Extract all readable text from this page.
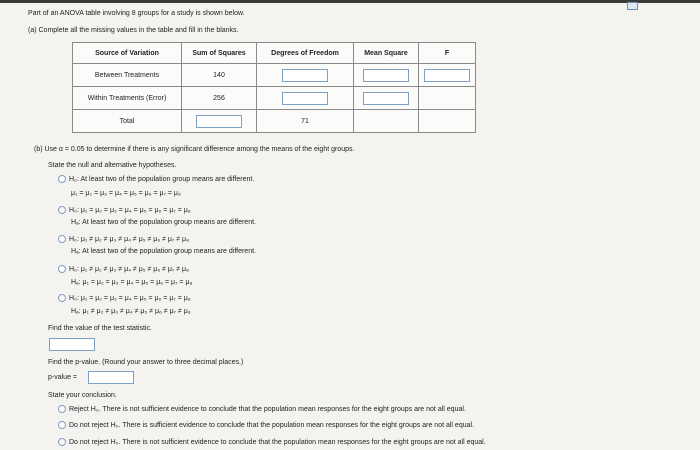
Part of an ANOVA table involving 8 groups for a study is shown below.
(a) Complete all the missing values in the table and fill in the blanks.
Source of Variation	Sum of Squares	Degrees of Freedom	Mean Square	F
Between Treatments	140			
Within Treatments (Error)	256			
Total		71		
(b) Use α = 0.05 to determine if there is any significant difference among the means of the eight groups.
State the null and alternative hypotheses.
H₀: At least two of the population group means are different.
μ₁ = μ₂ = μ₃ = μ₄ = μ₅ = μ₆ = μ₇ = μ₈
H₀: μ₁ = μ₂ = μ₃ = μ₄ = μ₅ = μ₆ = μ₇ = μ₈
Hₐ: At least two of the population group means are different.
H₀: μ₁ ≠ μ₂ ≠ μ₃ ≠ μ₄ ≠ μ₅ ≠ μ₆ ≠ μ₇ ≠ μ₈
Hₐ: At least two of the population group means are different.
H₀: μ₁ ≠ μ₂ ≠ μ₃ ≠ μ₄ ≠ μ₅ ≠ μ₆ ≠ μ₇ ≠ μ₈
Hₐ: μ₁ = μ₂ = μ₃ = μ₄ = μ₅ = μ₆ = μ₇ = μ₈
H₀: μ₁ = μ₂ = μ₃ = μ₄ = μ₅ = μ₆ = μ₇ = μ₈
Hₐ: μ₁ ≠ μ₂ ≠ μ₃ ≠ μ₄ ≠ μ₅ ≠ μ₆ ≠ μ₇ ≠ μ₈
Find the value of the test statistic.
Find the p-value. (Round your answer to three decimal places.)
p-value =
State your conclusion.
Reject H₀. There is not sufficient evidence to conclude that the population mean responses for the eight groups are not all equal.
Do not reject H₀. There is sufficient evidence to conclude that the population mean responses for the eight groups are not all equal.
Do not reject H₀. There is not sufficient evidence to conclude that the population mean responses for the eight groups are not all equal.
